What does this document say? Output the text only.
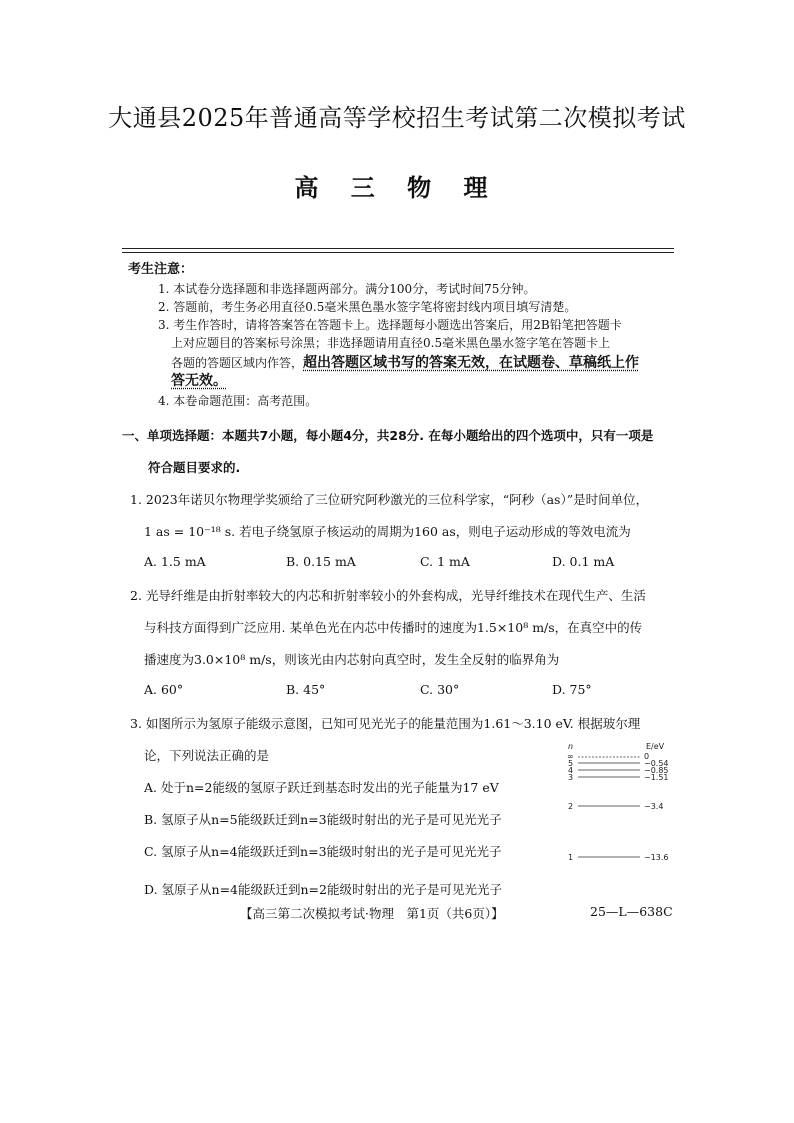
大通县2025年普通高等学校招生考试第二次模拟考试
高 三 物 理
考生注意：
1. 本试卷分选择题和非选择题两部分。满分100分，考试时间75分钟。
2. 答题前，考生务必用直径0.5毫米黑色墨水签字笔将密封线内项目填写清楚。
3. 考生作答时，请将答案答在答题卡上。选择题每小题选出答案后，用2B铅笔把答题卡
上对应题目的答案标号涂黑；非选择题请用直径0.5毫米黑色墨水签字笔在答题卡上
各题的答题区域内作答，超出答题区域书写的答案无效，在试题卷、草稿纸上作
答无效。
4. 本卷命题范围：高考范围。
一、单项选择题：本题共7小题，每小题4分，共28分. 在每小题给出的四个选项中，只有一项是
符合题目要求的.
1. 2023年诺贝尔物理学奖颁给了三位研究阿秒激光的三位科学家，“阿秒（as）”是时间单位，
1 as = 10⁻¹⁸ s. 若电子绕氢原子核运动的周期为160 as，则电子运动形成的等效电流为
A. 1.5 mA	B. 0.15 mA	C. 1 mA	D. 0.1 mA
2. 光导纤维是由折射率较大的内芯和折射率较小的外套构成，光导纤维技术在现代生产、生活
与科技方面得到广泛应用. 某单色光在内芯中传播时的速度为1.5×10⁸ m/s，在真空中的传
播速度为3.0×10⁸ m/s，则该光由内芯射向真空时，发生全反射的临界角为
A. 60°	B. 45°	C. 30°	D. 75°
3. 如图所示为氢原子能级示意图，已知可见光光子的能量范围为1.61～3.10 eV. 根据玻尔理
论，下列说法正确的是
A. 处于n=2能级的氢原子跃迁到基态时发出的光子能量为17 eV
B. 氢原子从n=5能级跃迁到n=3能级时射出的光子是可见光光子
C. 氢原子从n=4能级跃迁到n=3能级时射出的光子是可见光光子
D. 氢原子从n=4能级跃迁到n=2能级时射出的光子是可见光光子
n	E/eV
∞	0
5	−0.54
4	−0.85
3	−1.51
2	−3.4
1	−13.6
【高三第二次模拟考试·物理　第1页（共6页）】	25—L—638C
